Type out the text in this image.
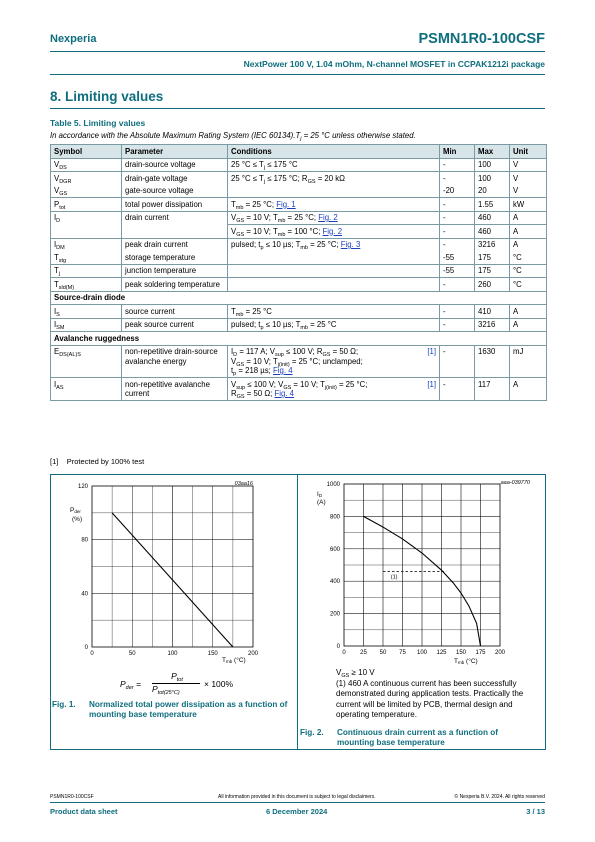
Nexperia	PSMN1R0-100CSF
NextPower 100 V, 1.04 mOhm, N-channel MOSFET in CCPAK1212i package
8. Limiting values
Table 5. Limiting values
In accordance with the Absolute Maximum Rating System (IEC $60134).T_j = 25$ °C unless otherwise stated.
Symbol	Parameter	Conditions	Min	Max	Unit
$V_{DS}$	drain-source voltage	25 $^\circ C \le T_j \le 175$ °C	-	100	V
$V_{DGR}$	drain-gate voltage	25 $^\circ C \le T_j \le 175$ °C; $R_{GS} = 20$ kΩ	-	100	V
$V_{GS}$	gate-source voltage		-20	20	V
$P_{tot}$	total power dissipation	$T_{mb} = 25$ °C; Fig. 1	-	1.55	kW
$I_D$	drain current	$V_{GS} = 10$ V; $T_{mb} = 25$ °C; Fig. 2	-	460	A
		$V_{GS} = 10$ V; $T_{mb} = 100$ °C; Fig. 2	-	460	A
$I_{DM}$	peak drain current	pulsed; $t_p \le 10$ µs; $T_{mb} = 25$ °C; Fig. 3	-	3216	A
$T_{stg}$	storage temperature		-55	175	°C
$T_j$	junction temperature		-55	175	°C
$T_{sld(M)}$	peak soldering temperature		-	260	°C
Source-drain diode					
$I_S$	source current	$T_{mb} = 25$ °C	-	410	A
$I_{SM}$	peak source current	pulsed; $t_p \le 10$ µs; $T_{mb} = 25$ °C	-	3216	A
Avalanche ruggedness					
$E_{DS(AL)S}$	non-repetitive drain-source avalanche energy	[1]
$I_D = 117$ A; $V_{sup} \le 100$ V; $R_{GS} = 50$ Ω;
$V_{GS} = 10$ V; $T_{j(init)} = 25$ °C; unclamped;
$t_p = 218$ µs; Fig. 4	-	1630	mJ
$I_{AS}$	non-repetitive avalanche current	[1]
$V_{sup} \le 100$ V; $V_{GS} = 10$ V; $T_{j(init)} = 25$ °C;
$R_{GS} = 50$ Ω; Fig. 4	-	117	A
[1] Protected by 100% test
03aa16
0	50	100	150	200
0
40
80
120
Pder
(%)
Tmb (°C)
$P_{der}$ =
$P_{tot}$
$P_{tot(25^\circ C)}$
× 100%
Fig. 1. Normalized total power dissipation as a function of mounting base temperature
aaa-039770
0 25 50 75 100 125 150 175 200
0
200
400
600
800
1000
ID
(A)
Tmb (°C)
(1)
$V_{GS} \ge 10$ V
(1) 460 A continuous current has been successfully demonstrated during application tests. Practically the current will be limited by PCB, thermal design and operating temperature.
Fig. 2. Continuous drain current as a function of mounting base temperature
PSMN1R0-100CSF	All information provided in this document is subject to legal disclaimers.	© Nexperia B.V. 2024. All rights reserved
Product data sheet	6 December 2024	3 / 13
